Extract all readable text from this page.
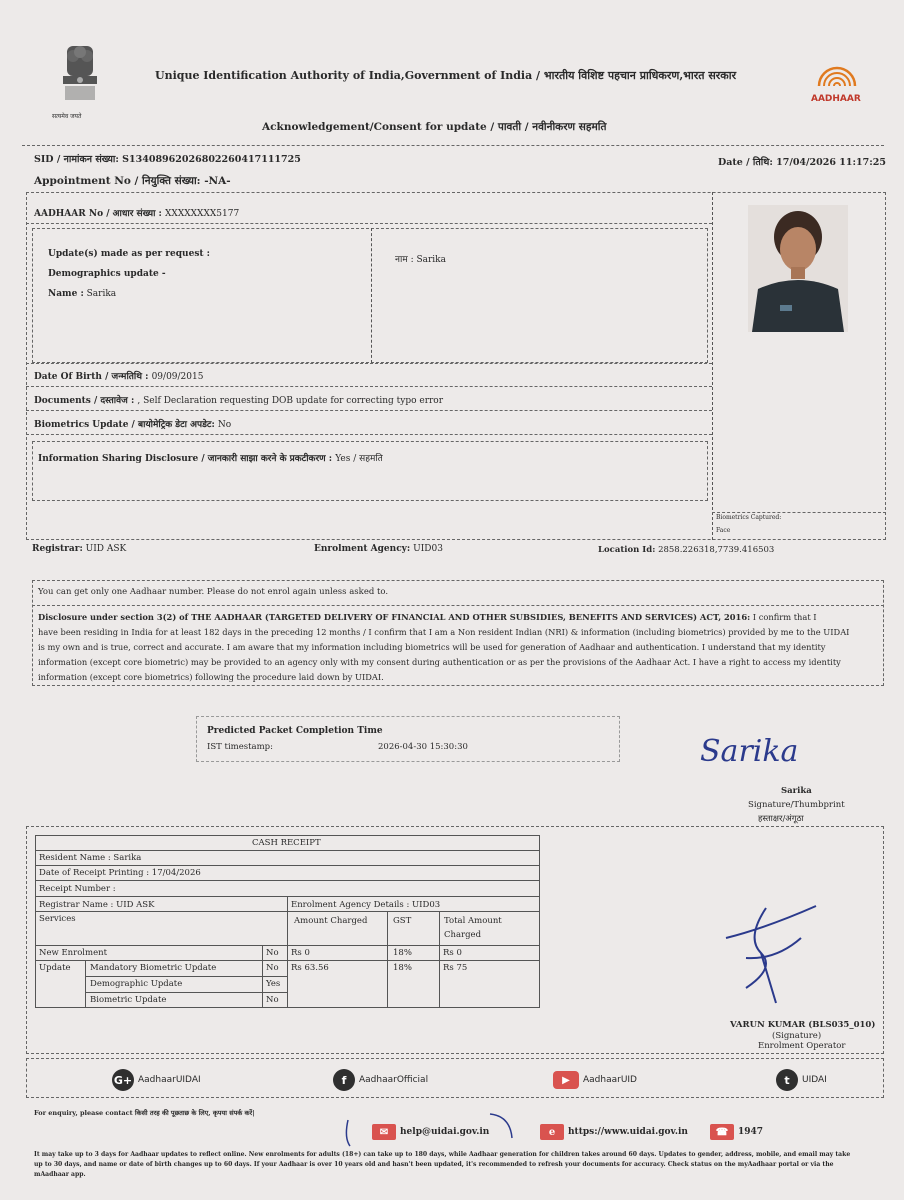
सत्यमेव जयते
Unique Identification Authority of India,Government of India / भारतीय विशिष्ट पहचान प्राधिकरण,भारत सरकार
Acknowledgement/Consent for update / पावती / नवीनीकरण सहमति
AADHAAR
SID / नामांकन संख्या: S13408962026802260417111725	Date / तिथि: 17/04/2026 11:17:25
Appointment No / नियुक्ति संख्या: -NA-
AADHAAR No / आधार संख्या : XXXXXXXX5177
Update(s) made as per request :
Demographics update -
Name : Sarika
नाम : Sarika
Biometrics Captured:
Face
Date Of Birth / जन्मतिथि : 09/09/2015
Documents / दस्तावेज : , Self Declaration requesting DOB update for correcting typo error
Biometrics Update / बायोमेट्रिक डेटा अपडेट: No
Information Sharing Disclosure / जानकारी साझा करने के प्रकटीकरण : Yes / सहमति
Registrar: UID ASK	Enrolment Agency: UID03	Location Id: 2858.226318,7739.416503
You can get only one Aadhaar number. Please do not enrol again unless asked to.
Disclosure under section 3(2) of THE AADHAAR (TARGETED DELIVERY OF FINANCIAL AND OTHER SUBSIDIES, BENEFITS AND SERVICES) ACT, 2016: I confirm that I
have been residing in India for at least 182 days in the preceding 12 months / I confirm that I am a Non resident Indian (NRI) & information (including biometrics) provided by me to the UIDAI
is my own and is true, correct and accurate. I am aware that my information including biometrics will be used for generation of Aadhaar and authentication. I understand that my identity
information (except core biometric) may be provided to an agency only with my consent during authentication or as per the provisions of the Aadhaar Act. I have a right to access my identity
information (except core biometrics) following the procedure laid down by UIDAI.
Predicted Packet Completion Time
IST timestamp:	2026-04-30 15:30:30	Sarika
Sarika
Signature/Thumbprint
हस्ताक्षर/अंगूठा
CASH RECEIPT
Resident Name : Sarika
Date of Receipt Printing : 17/04/2026
Receipt Number :
Registrar Name : UID ASK	Enrolment Agency Details : UID03
Services	Amount Charged	GST	Total Amount
Charged
New Enrolment	No Rs 0	18%	Rs 0
Update Mandatory Biometric Update	No Rs 63.56	18%	Rs 75
Demographic Update	Yes
Biometric Update	No
VARUN KUMAR (BLS035_010)
(Signature)
Enrolment Operator
G+ AadhaarUIDAI	f	AadhaarOfficial	▶	AadhaarUID	t	UIDAI
For enquiry, please contact किसी तरह की पूछताछ के लिए, कृपया संपर्क करें|
✉	help@uidai.gov.in	e	https://www.uidai.gov.in	☎	1947
It may take up to 3 days for Aadhaar updates to reflect online. New enrolments for adults (18+) can take up to 180 days, while Aadhaar generation for children takes around 60 days. Updates to gender, address, mobile, and email may take
up to 30 days, and name or date of birth changes up to 60 days. If your Aadhaar is over 10 years old and hasn't been updated, it's recommended to refresh your documents for accuracy. Check status on the myAadhaar portal or via the
mAadhaar app.
